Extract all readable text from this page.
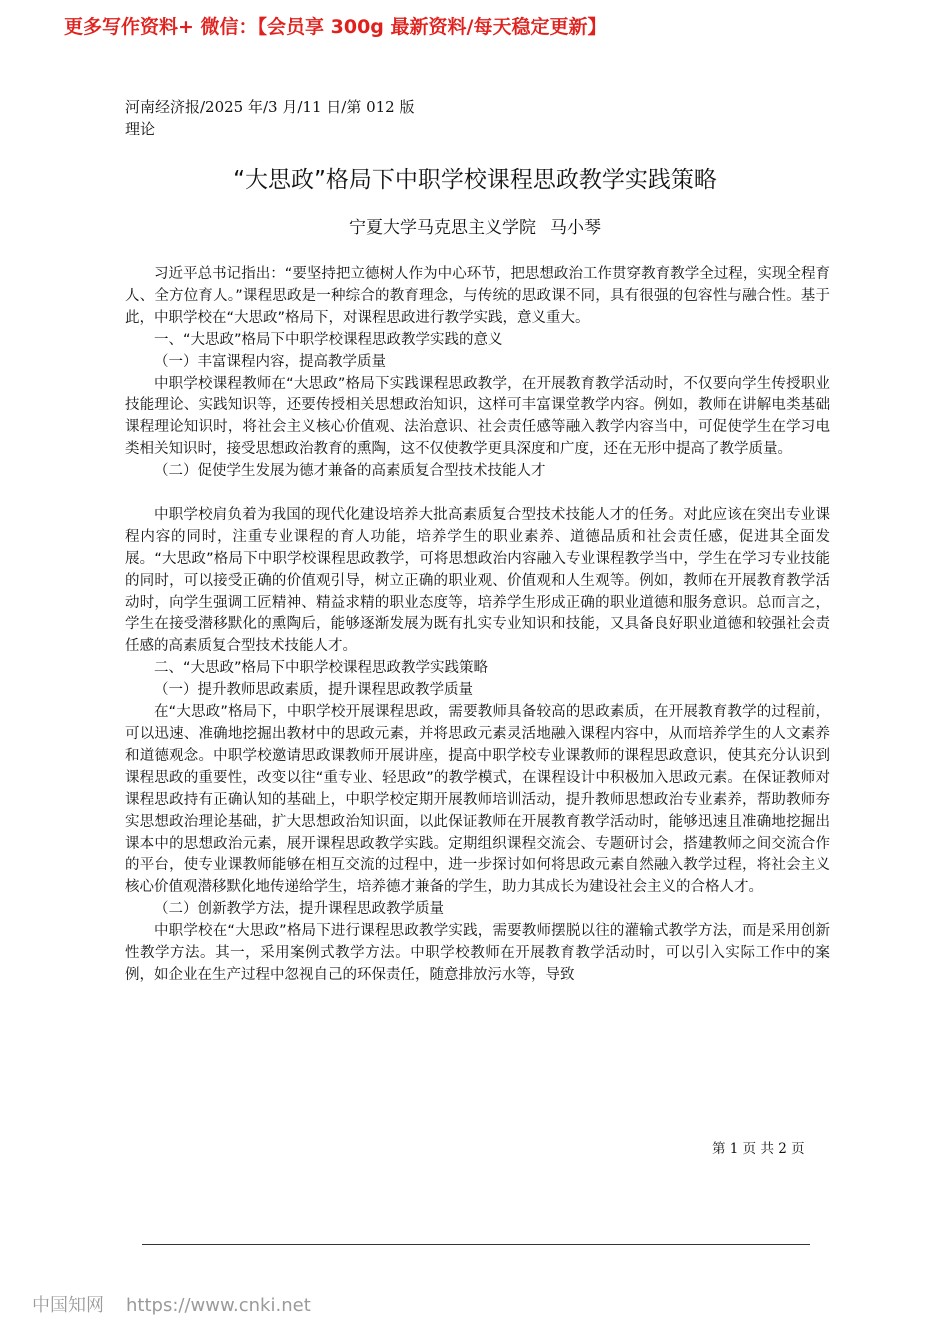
更多写作资料+ 微信：【会员享 300g 最新资料/每天稳定更新】
河南经济报/2025 年/3 月/11 日/第 012 版理论
“大思政”格局下中职学校课程思政教学实践策略
宁夏大学马克思主义学院 马小琴

习近平总书记指出：“要坚持把立德树人作为中心环节，把思想政治工作贯穿教育教学全过程，实现全程育人、全方位育人。”课程思政是一种综合的教育理念，与传统的思政课不同，具有很强的包容性与融合性。基于此，中职学校在“大思政”格局下，对课程思政进行教学实践，意义重大。

一、“大思政”格局下中职学校课程思政教学实践的意义

（一）丰富课程内容，提高教学质量

中职学校课程教师在“大思政”格局下实践课程思政教学，在开展教育教学活动时，不仅要向学生传授职业技能理论、实践知识等，还要传授相关思想政治知识，这样可丰富课堂教学内容。例如，教师在讲解电类基础课程理论知识时，将社会主义核心价值观、法治意识、社会责任感等融入教学内容当中，可促使学生在学习电类相关知识时，接受思想政治教育的熏陶，这不仅使教学更具深度和广度，还在无形中提高了教学质量。

（二）促使学生发展为德才兼备的高素质复合型技术技能人才

中职学校肩负着为我国的现代化建设培养大批高素质复合型技术技能人才的任务。对此应该在突出专业课程内容的同时，注重专业课程的育人功能，培养学生的职业素养、道德品质和社会责任感，促进其全面发展。“大思政”格局下中职学校课程思政教学，可将思想政治内容融入专业课程教学当中，学生在学习专业技能的同时，可以接受正确的价值观引导，树立正确的职业观、价值观和人生观等。例如，教师在开展教育教学活动时，向学生强调工匠精神、精益求精的职业态度等，培养学生形成正确的职业道德和服务意识。总而言之，学生在接受潜移默化的熏陶后，能够逐渐发展为既有扎实专业知识和技能，又具备良好职业道德和较强社会责任感的高素质复合型技术技能人才。

二、“大思政”格局下中职学校课程思政教学实践策略

（一）提升教师思政素质，提升课程思政教学质量

在“大思政”格局下，中职学校开展课程思政，需要教师具备较高的思政素质，在开展教育教学的过程前，可以迅速、准确地挖掘出教材中的思政元素，并将思政元素灵活地融入课程内容中，从而培养学生的人文素养和道德观念。中职学校邀请思政课教师开展讲座，提高中职学校专业课教师的课程思政意识，使其充分认识到课程思政的重要性，改变以往“重专业、轻思政”的教学模式，在课程设计中积极加入思政元素。在保证教师对课程思政持有正确认知的基础上，中职学校定期开展教师培训活动，提升教师思想政治专业素养，帮助教师夯实思想政治理论基础，扩大思想政治知识面，以此保证教师在开展教育教学活动时，能够迅速且准确地挖掘出课本中的思想政治元素，展开课程思政教学实践。定期组织课程交流会、专题研讨会，搭建教师之间交流合作的平台，使专业课教师能够在相互交流的过程中，进一步探讨如何将思政元素自然融入教学过程，将社会主义核心价值观潜移默化地传递给学生，培养德才兼备的学生，助力其成长为建设社会主义的合格人才。

（二）创新教学方法，提升课程思政教学质量

中职学校在“大思政”格局下进行课程思政教学实践，需要教师摆脱以往的灌输式教学方法，而是采用创新性教学方法。其一，采用案例式教学方法。中职学校教师在开展教育教学活动时，可以引入实际工作中的案例，如企业在生产过程中忽视自己的环保责任，随意排放污水等，导致

第 1 页 共 2 页
中国知网 https://www.cnki.net
